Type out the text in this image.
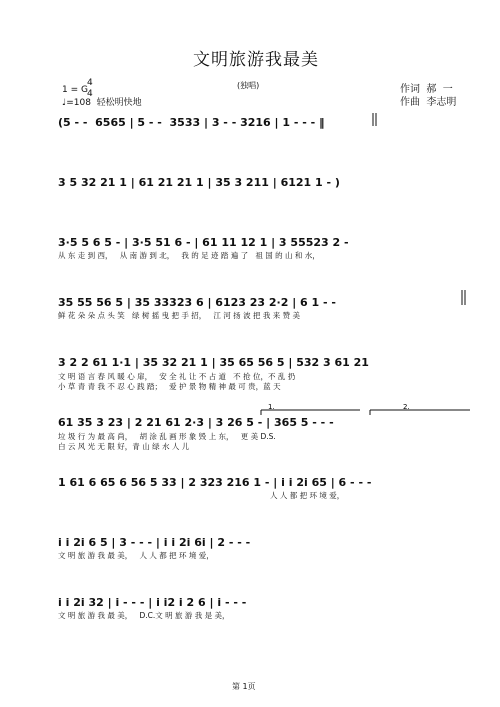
文明旅游我最美
(独唱)
1 = G
4
4
♩=108  轻松明快地
作词  郝  一
作曲  李志明
1.	2.
(5 - -  6565 | 5 - -  3533 | 3 - - 3216 | 1 - - - ‖
3 5 32 21 1 | 61 21 21 1 | 35 3 211 | 6121 1 - )
3·5 5 6 5 - | 3·5 51 6 - | 61 11 12 1 | 3 55523 2 -
35 55 56 5 | 35 33323 6 | 6123 23 2·2 | 6 1 - -
3 2 2 61 1·1 | 35 32 21 1 | 35 65 56 5 | 532 3 61 21
61 35 3 23 | 2 21 61 2·3 | 3 26 5 - | 365 5 - - -
1 61 6 65 6 56 5 33 | 2 323 216 1 - | i i 2i 65 | 6 - - -
i i 2i 6 5 | 3 - - - | i i 2i 6i | 2 - - -
i i 2i 32 | i - - - | i i2 i 2 6 | i - - -
从 东 走 到 西，   从 南 游 到 北，   我 的 足 迹 踏 遍 了   祖 国 的 山 和 水，
鲜 花 朵 朵 点 头 笑   绿 树 摇 曳 把 手 招，   江 河 扬 波 把 我 来 赞 美
文 明 语 言 春 风 暖 心 扉，   安 全 礼 让 不 占 道   不 抢 位，不 乱 扔
小 草 青 青 我 不 忍 心 践 踏；   爱 护 景 物 精 神 最 可 贵，蓝 天
垃 圾 行 为 最 高 尚，   胡 涂 乱 画 形 象 毁 上 东，   更 美 D.S.
白 云 风 光 无 限 好，青 山 绿 水 人 儿
人 人 都 把 环 境 爱，
文 明 旅 游 我 最 美，   人 人 都 把 环 境 爱，
文 明 旅 游 我 最 美，   D.C.文 明 旅 游 我 是 美，
第 1页
